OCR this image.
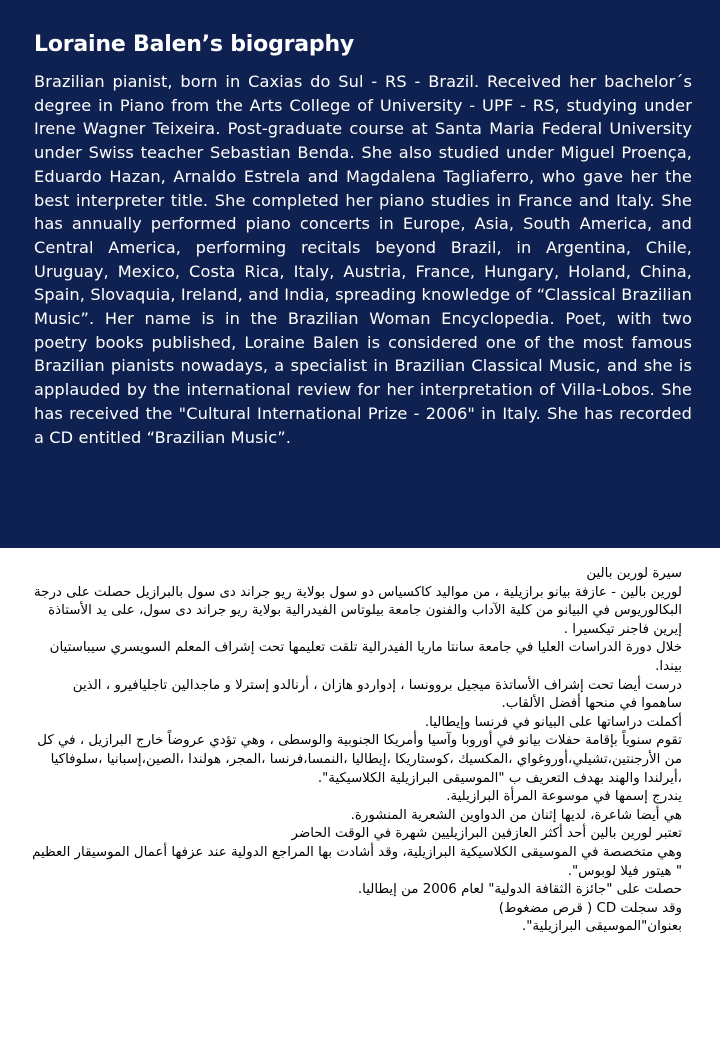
Loraine Balen’s biography

Brazilian pianist, born in Caxias do Sul - RS - Brazil. Received her bachelor´s degree in Piano from the Arts College of University - UPF - RS, studying under Irene Wagner Teixeira. Post-graduate course at Santa Maria Federal University under Swiss teacher Sebastian Benda. She also studied under Miguel Proença, Eduardo Hazan, Arnaldo Estrela and Magdalena Tagliaferro, who gave her the best interpreter title. She completed her piano studies in France and Italy. She has annually performed piano concerts in Europe, Asia, South America, and Central America, performing recitals beyond Brazil, in Argentina, Chile, Uruguay, Mexico, Costa Rica, Italy, Austria, France, Hungary, Holand, China, Spain, Slovaquia, Ireland, and India, spreading knowledge of “Classical Brazilian Music”. Her name is in the Brazilian Woman Encyclopedia. Poet, with two poetry books published, Loraine Balen is considered one of the most famous Brazilian pianists nowadays, a specialist in Brazilian Classical Music, and she is applauded by the international review for her interpretation of Villa-Lobos. She has received the "Cultural International Prize - 2006" in Italy. She has recorded a CD entitled “Brazilian Music”.

سيرة لورين بالين

لورين بالين - عازفة بيانو برازيلية ، من مواليد كاكسياس دو سول بولاية ريو جراند دى سول بالبرازيل حصلت على درجة البكالوريوس في البيانو من كلية الآداب والفنون جامعة بيلوتاس الفيدرالية بولاية ريو جراند دى سول، على يد الأستاذة إيرين فاجنر تيكسيرا .

خلال دورة الدراسات العليا في جامعة سانتا ماريا الفيدرالية تلقت تعليمها تحت إشراف المعلم السويسري سيباستيان بيندا.

درست أيضا تحت إشراف الأساتذة ميجيل بروونسا ، إدواردو هازان ، أرنالدو إسترلا و ماجدالين تاجليافيرو ، الذين ساهموا في منحها أفضل الألقاب.

أكملت دراساتها على البيانو في فرنسا وإيطاليا.

تقوم سنوياً بإقامة حفلات بيانو في أوروبا وآسيا وأمريكا الجنوبية والوسطى ، وهي تؤدي عروضاً خارج البرازيل ، في كل من الأرجنتين،تشيلي،أوروغواي ،المكسيك ،كوستاريكا ،إيطاليا ،النمسا،فرنسا ،المجر، هولندا ،الصين،إسبانيا ،سلوفاكيا ،أيرلندا والهند بهدف التعريف ب "الموسيقى البرازيلية الكلاسيكية".

يندرج إسمها في موسوعة المرأة البرازيلية.

هي أيضا شاعرة، لديها إثنان من الدواوين الشعرية المنشورة.

تعتبر لورين بالين أحد أكثر العازفين البرازيليين شهرة في الوقت الحاضر

وهي متخصصة في الموسيقى الكلاسيكية البرازيلية، وقد أشادت بها المراجع الدولية عند عزفها أعمال الموسيقار العظيم " هيتور فيلا لوبوس".

حصلت على "جائزة الثقافة الدولية" لعام 2006 من إيطاليا.

وقد سجلت CD ( قرص مضغوط)

بعنوان"الموسيقى البرازيلية".
